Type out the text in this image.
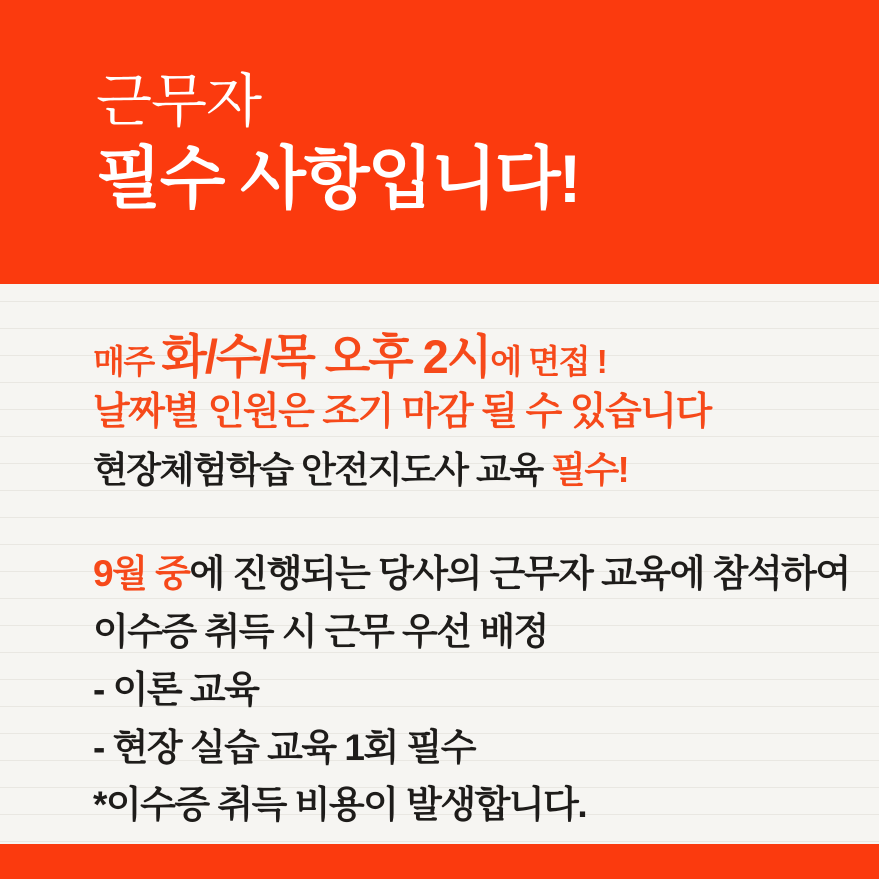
근무자
필수 사항입니다!
매주 화/수/목 오후 2시에 면접 !
날짜별 인원은 조기 마감 될 수 있습니다
현장체험학습 안전지도사 교육 필수!
9월 중에 진행되는 당사의 근무자 교육에 참석하여
이수증 취득 시 근무 우선 배정
- 이론 교육
- 현장 실습 교육 1회 필수
*이수증 취득 비용이 발생합니다.
